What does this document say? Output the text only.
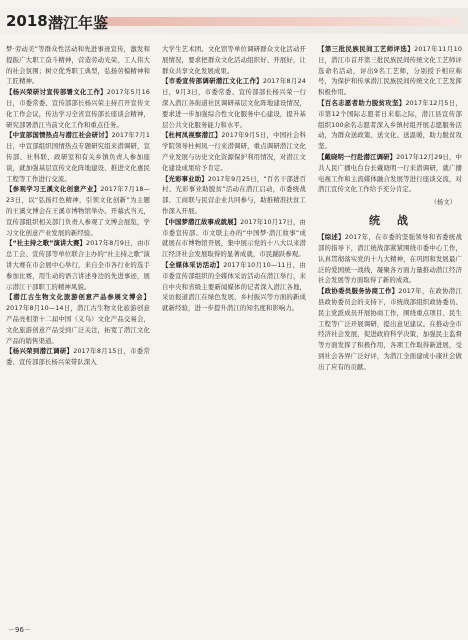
2018 潜江年鉴

梦·劳动美”等群众性活动和先进事迹宣传，激发和提振广大职工奋斗精神，营造劳动光荣、工人伟大的社会氛围；树立优秀职工典型，弘扬劳模精神和工匠精神。

【杨兴荣研讨宣传部署文化工作】2017年5月16日，市委常委、宣传部部长杨兴荣主持召开宣传文化工作会议，传达学习全省宣传部长座谈会精神，研究部署潜江当前文化工作和重点任务。

【中宣部国情热点与潜江社会研讨】2017年7月1日，中宣部组织国情热点专题研究组来潜调研，宣传部、社科联、政研室和有关乡镇负责人参加座谈，就加强基层宣传文化阵地建设、推进文化惠民工程等工作进行交流。

【参观学习王溪文化创意产业】2017年7月18—23日，以“弘扬红色精神，引领文化创新”为主题的王溪文博会在王溪市博物馆举办。开幕式当天，宣传部组织相关部门负责人参观了文博会展览，学习文化创意产业发展的新经验。

【“社主持之歌”演讲大赛】2017年8月9日，由市总工会、宣传部等单位联合主办的“社主持之歌”演讲大赛在市会展中心举行，来自全市各行业的选手参加比赛，用生动的语言讲述身边的先进事迹，展示潜江干部职工的精神风貌。

【潜江古生物文化旅游创意产品参展文博会】2017年8月10—14日，潜江古生物文化旅游创意产品亮相第十二届中国（义乌）文化产品交易会，文化旅游创意产品受到广泛关注，拓宽了潜江文化产品的销售渠道。

【杨兴荣到潜江调研】2017年8月15日，市委常委、宣传部部长杨兴荣带队深入

大学生艺术团、文化馆等单位调研群众文化活动开展情况，要求把群众文化活动组织好、开展好，让群众共享文化发展成果。

【市委宣传部调研潜江文化工作】2017年8月24日，9月3日，市委常委、宣传部部长杨兴荣一行深入潜江各街道社区调研基层文化阵地建设情况，要求进一步加强综合性文化服务中心建设，提升基层公共文化服务能力和水平。

【杜柯凤视察潜江】2017年9月5日，中国社会科学院领导杜柯凤一行来潜调研，重点调研潜江文化产业发展与历史文化资源保护利用情况，对潜江文化建设成果给予肯定。

【光彩事业助】2017年9月25日，“百名干部进百村、光彩事业助脱贫”活动在潜江启动，市委统战部、工商联与民营企业共同参与，助推精准扶贫工作深入开展。

【中国梦潜江故事成就展】2017年10月17日，由市委宣传部、市文联主办的“中国梦·潜江故事”成就展在市博物馆开展，集中展示党的十八大以来潜江经济社会发展取得的显著成就，市民踊跃参观。

【全媒体采访活动】2017年10月10—11日，由市委宣传部组织的全媒体采访活动在潜江举行，来自中央和省级主要新闻媒体的记者深入潜江各地，采访报道潜江在绿色发展、乡村振兴等方面的新成就新经验，进一步提升潜江的知名度和影响力。

【第三批民族民间工艺师评选】2017年11月10日，潜江市首开第三批民族民间传统文化工艺师评选命名活动，评出9名工艺师，分别授予相应称号，为保护和传承潜江民族民间传统文化工艺发挥积极作用。

【百名志愿者助力脱贫攻坚】2017年12月5日，市第12个国际志愿者日来临之际，潜江县宣传部组织100余名志愿者深入乡镇村组开展志愿服务活动，为群众送政策、送文化、送温暖，助力脱贫攻坚。

【戴晓明一行赴潜江调研】2017年12月29日，中共人民广播电台台长戴晓明一行来潜调研，就广播电视工作和主流媒体融合发展等进行座谈交流，对潜江宣传文化工作给予充分肯定。

（杨文）
统　战

【综述】2017年，在市委的坚强领导和省委统战部的指导下，潜江统战部紧紧围绕市委中心工作，认真贯彻落实党的十九大精神，在巩固和发展最广泛的爱国统一战线，凝聚各方面力量推动潜江经济社会发展等方面取得了新的成效。

【政协委员服务协商工作】2017年，在政协潜江县政协委员会的支持下，市统战部组织政协委员、民主党派成员开展协商工作，围绕重点项目、民生工程等广泛开展调研，提出意见建议。在推动全市经济社会发展，促进政府科学决策，加强民主监督等方面发挥了积极作用，各项工作取得新进展，受到社会各界广泛好评，为潜江全面建成小康社会做出了应有的贡献。

－96－
